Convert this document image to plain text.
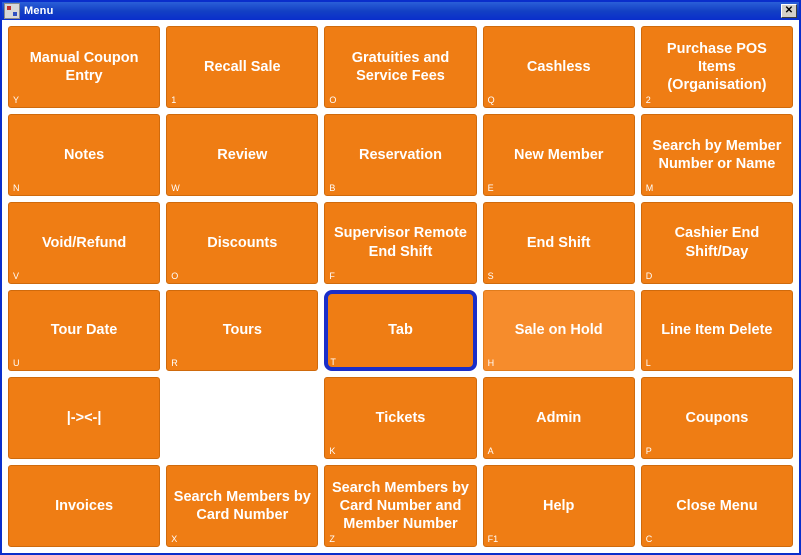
Menu	✕
Manual Coupon Entry
Y
Recall Sale
1
Gratuities and Service Fees
O
Cashless
Q
Purchase POS Items (Organisation)
2
Notes
N
Review
W
Reservation
B
New Member
E
Search by Member Number or Name
M
Void/Refund
V
Discounts
O
Supervisor Remote End Shift
F
End Shift
S
Cashier End Shift/Day
D
Tour Date
U
Tours
R
Tab
T
Sale on Hold
H
Line Item Delete
L
|-><-|	Tickets
K
Admin
A
Coupons
P
Invoices
Search Members by Card Number
X
Search Members by Card Number and Member Number
Z
Help
F1
Close Menu
C
